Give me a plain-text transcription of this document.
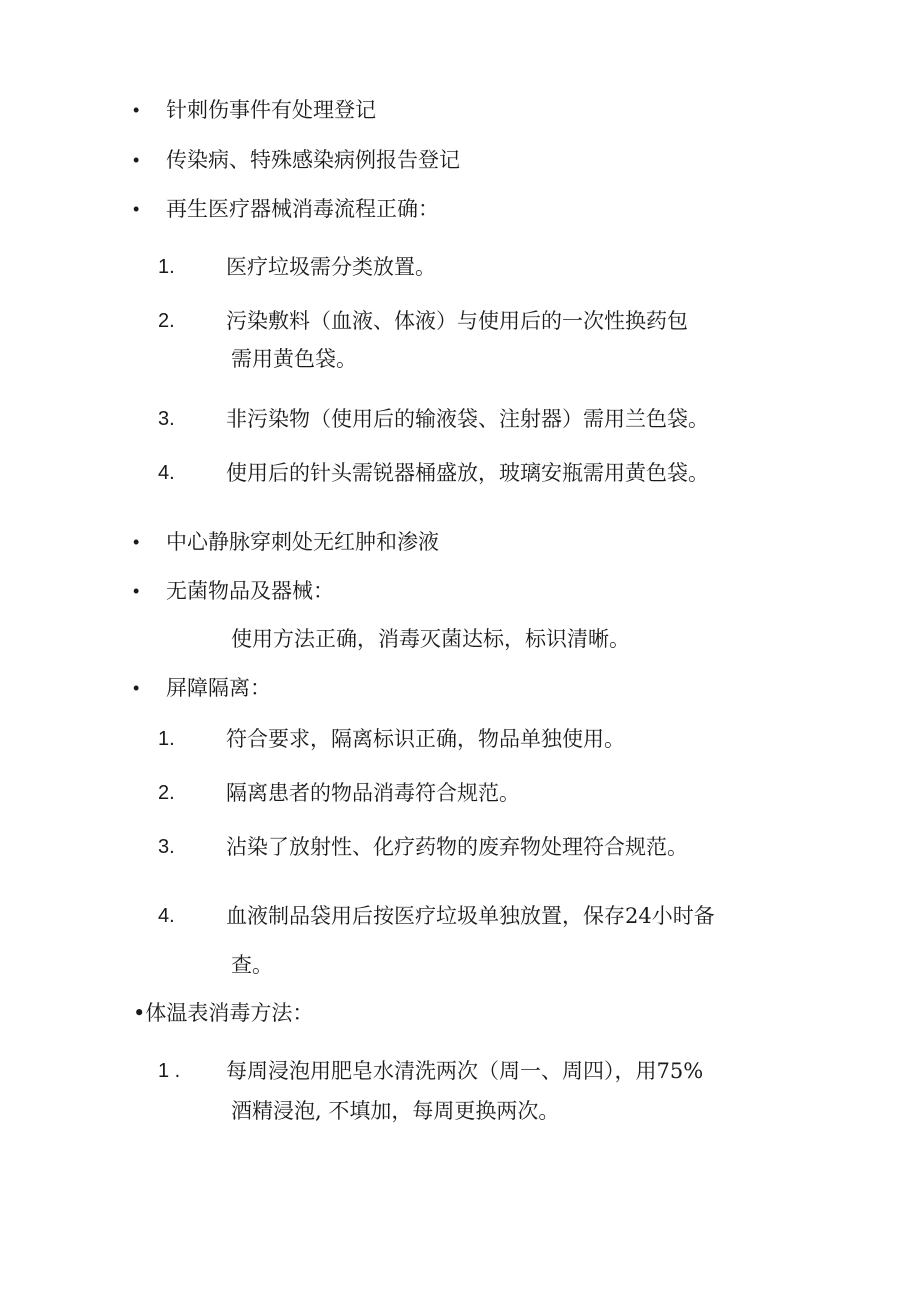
• 针刺伤事件有处理登记
• 传染病、特殊感染病例报告登记
• 再生医疗器械消毒流程正确：
1. 医疗垃圾需分类放置。
2. 污染敷料（血液、体液）与使用后的一次性换药包
需用黄色袋。
3. 非污染物（使用后的输液袋、注射器）需用兰色袋。
4. 使用后的针头需锐器桶盛放，玻璃安瓶需用黄色袋。
• 中心静脉穿刺处无红肿和渗液
• 无菌物品及器械：
使用方法正确，消毒灭菌达标，标识清晰。
• 屏障隔离：
1. 符合要求，隔离标识正确，物品单独使用。
2. 隔离患者的物品消毒符合规范。
3. 沾染了放射性、化疗药物的废弃物处理符合规范。
4. 血液制品袋用后按医疗垃圾单独放置，保存24小时备
查。
•体温表消毒方法：
1 . 每周浸泡用肥皂水清洗两次（周一、周四），用75%
酒精浸泡, 不填加，每周更换两次。
